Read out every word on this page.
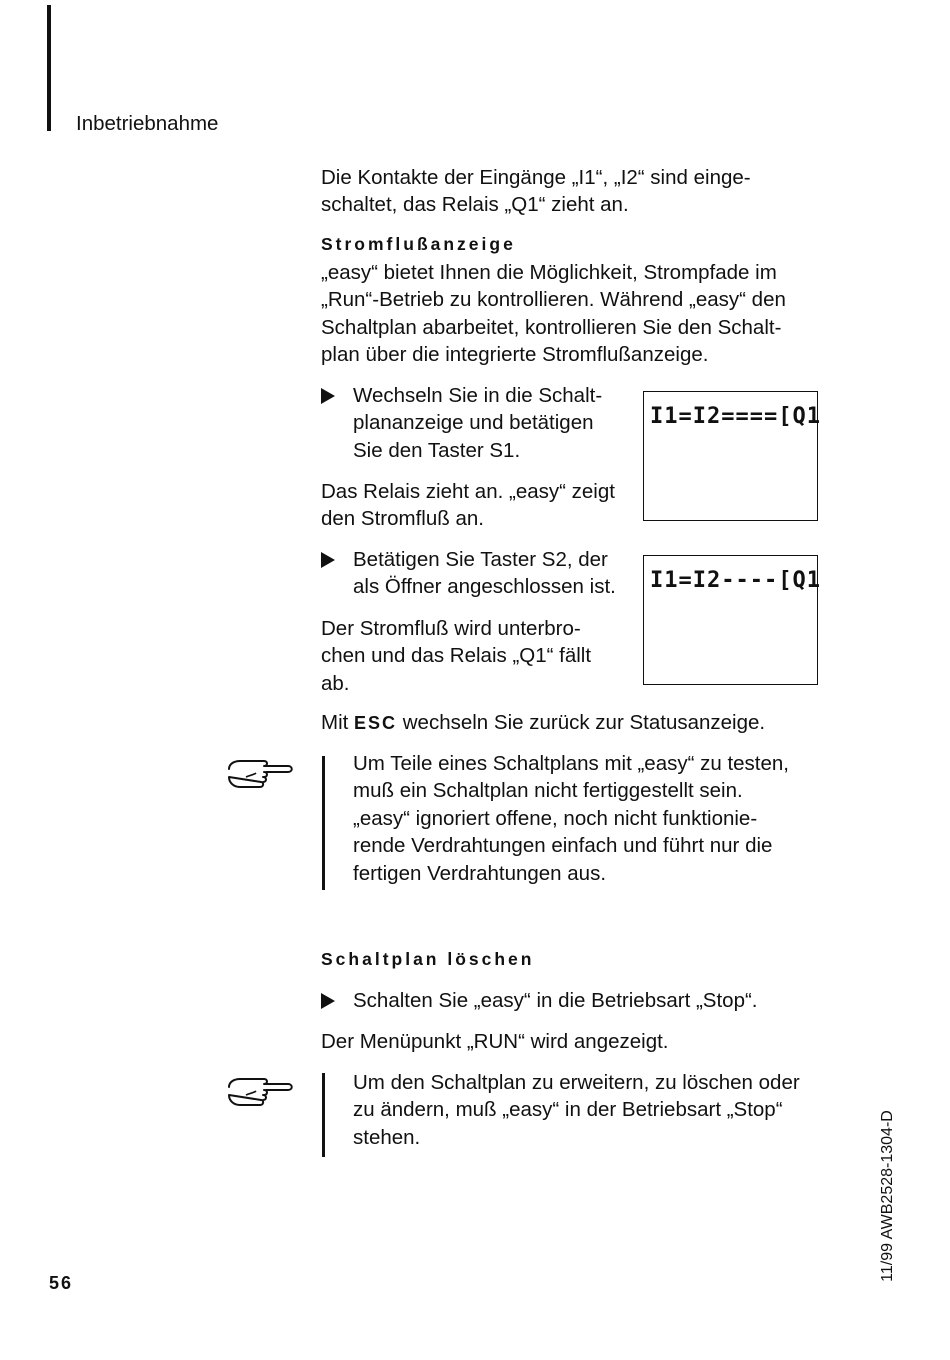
Inbetriebnahme

Die Kontakte der Eingänge „I1“, „I2“ sind einge-

schaltet, das Relais „Q1“ zieht an.

Stromflußanzeige

„easy“ bietet Ihnen die Möglichkeit, Strompfade im

„Run“-Betrieb zu kontrollieren. Während „easy“ den

Schaltplan abarbeitet, kontrollieren Sie den Schalt-

plan über die integrierte Stromflußanzeige.

Wechseln Sie in die Schalt-

plananzeige und betätigen

Sie den Taster S1.

I1=I2====[Q1

Das Relais zieht an. „easy“ zeigt

den Stromfluß an.

Betätigen Sie Taster S2, der

als Öffner angeschlossen ist. I1=I2----[Q1

Der Stromfluß wird unterbro-

chen und das Relais „Q1“ fällt

ab.

Mit ESC wechseln Sie zurück zur Statusanzeige.

Um Teile eines Schaltplans mit „easy“ zu testen,

muß ein Schaltplan nicht fertiggestellt sein.

„easy“ ignoriert offene, noch nicht funktionie-

rende Verdrahtungen einfach und führt nur die

fertigen Verdrahtungen aus.

Schaltplan löschen
Schalten Sie „easy“ in die Betriebsart „Stop“.
Der Menüpunkt „RUN“ wird angezeigt.

Um den Schaltplan zu erweitern, zu löschen oder

zu ändern, muß „easy“ in der Betriebsart „Stop“

stehen.

56
11/99 AWB2528-1304-D
